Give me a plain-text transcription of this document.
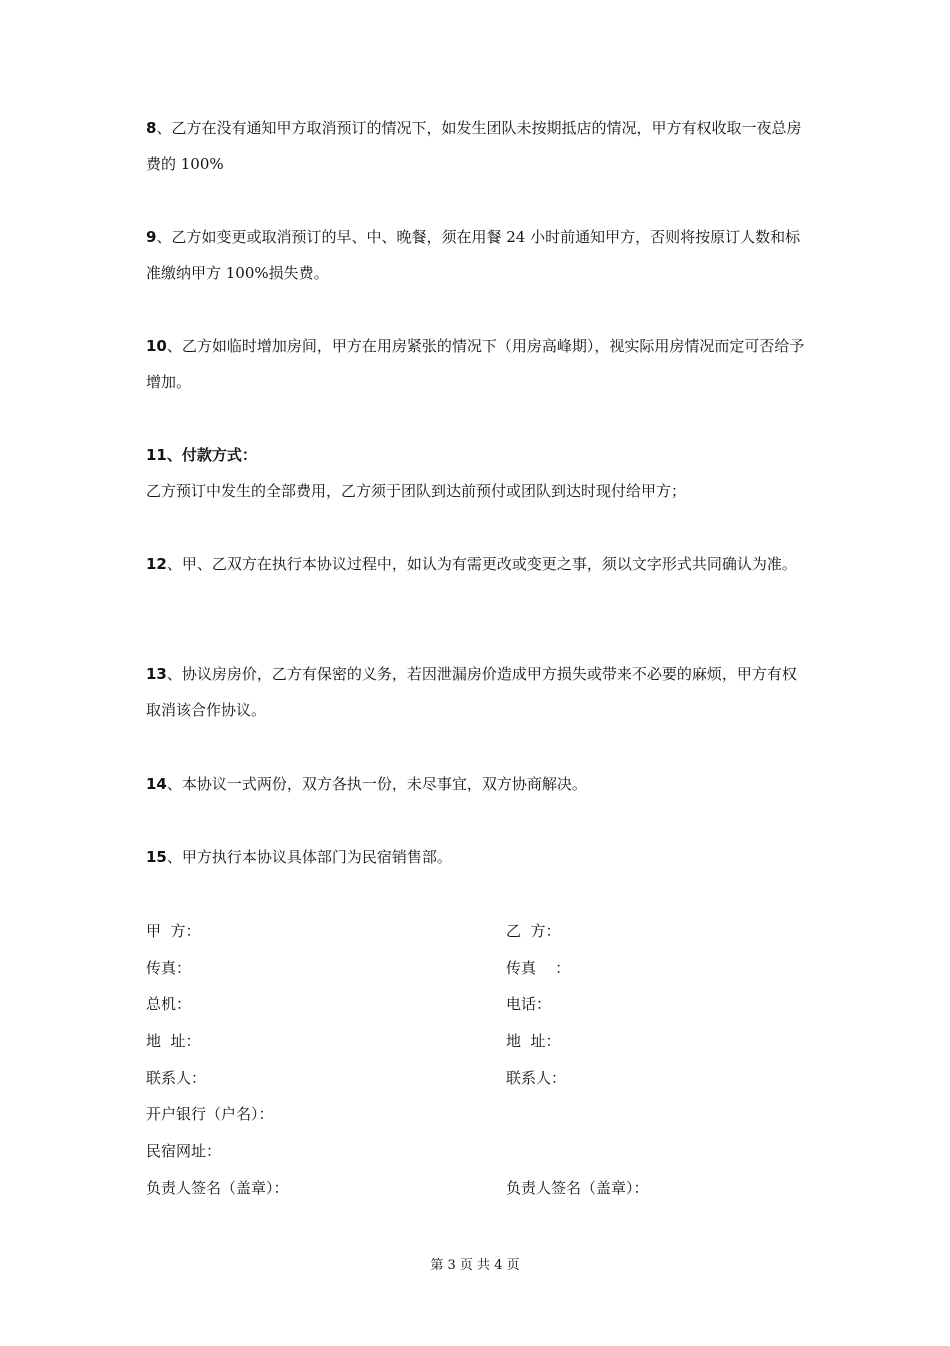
8、乙方在没有通知甲方取消预订的情况下，如发生团队未按期抵店的情况，甲方有权收取一夜总房费的 100%
9、乙方如变更或取消预订的早、中、晚餐，须在用餐 24 小时前通知甲方，否则将按原订人数和标准缴纳甲方 100%损失费。
10、乙方如临时增加房间，甲方在用房紧张的情况下（用房高峰期），视实际用房情况而定可否给予增加。
11、付款方式：
乙方预订中发生的全部费用，乙方须于团队到达前预付或团队到达时现付给甲方；
12、甲、乙双方在执行本协议过程中，如认为有需更改或变更之事，须以文字形式共同确认为准。
13、协议房房价，乙方有保密的义务，若因泄漏房价造成甲方损失或带来不必要的麻烦，甲方有权取消该合作协议。
14、本协议一式两份，双方各执一份，未尽事宜，双方协商解决。
15、甲方执行本协议具体部门为民宿销售部。
甲  方：
传真：
总机：
地  址：
联系人：
开户银行（户名）：
民宿网址：
负责人签名（盖章）：
乙  方：
传真    ：
电话：
地  址：
联系人：
负责人签名（盖章）：
第 3 页 共 4 页
